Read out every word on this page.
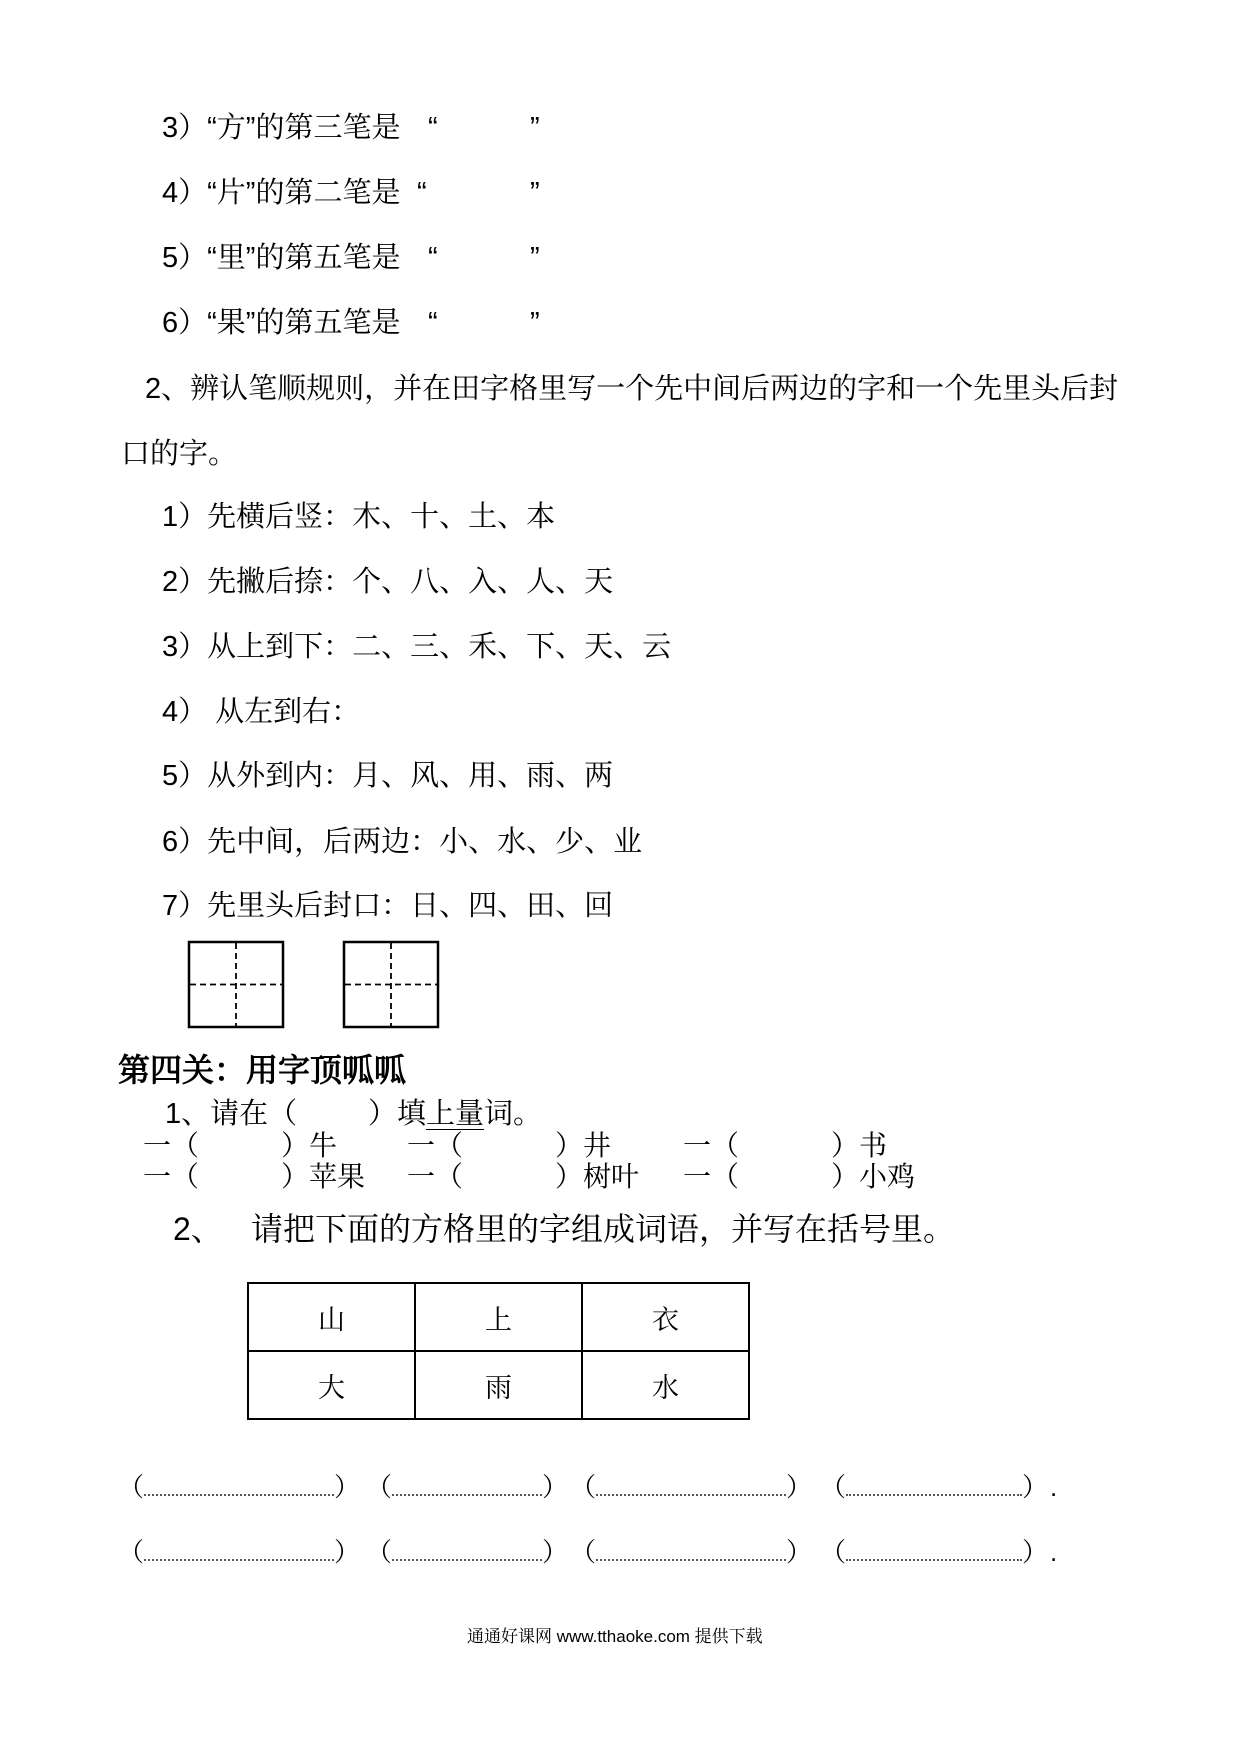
3）“方”的第三笔是 “	”
4）“片”的第二笔是 “	”
5）“里”的第五笔是 “	”
6）“果”的第五笔是 “	”
2、辨认笔顺规则，并在田字格里写一个先中间后两边的字和一个先里头后封
口的字。
1）先横后竖：木、十、土、本
2）先撇后捺：个、八、入、人、天
3）从上到下：二、三、禾、下、天、云
4） 从左到右：
5）从外到内：月、风、用、雨、两
6）先中间，后两边：小、水、少、业
7）先里头后封口：日、四、田、回
第四关：用字顶呱呱
1、请在（ ）填上量词。
一（	）牛 一（	）井	一（	）书
一（	）苹果 一（	）树叶 一（	）小鸡
2、 请把下面的方格里的字组成词语，并写在括号里。
山	上	衣
大	雨	水
（	） （	） （	） （	） .
（	） （	） （	） （	） .
通通好课网 www.tthaoke.com 提供下载
